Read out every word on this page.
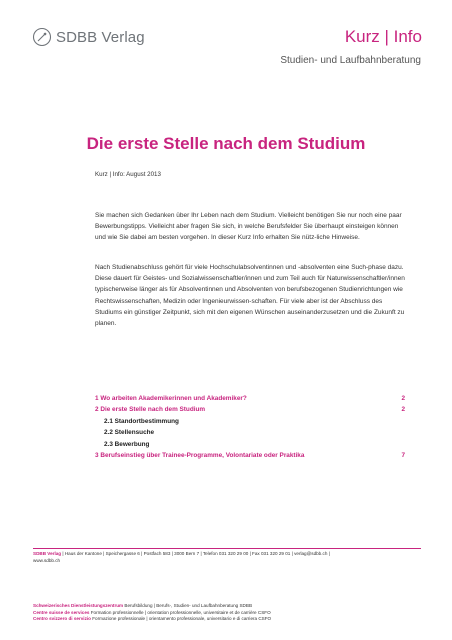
SDBB Verlag	Kurz | Info
Studien- und Laufbahnberatung
Die erste Stelle nach dem Studium
Kurz | Info: August 2013
Sie machen sich Gedanken über Ihr Leben nach dem Studium. Vielleicht benötigen Sie nur noch eine paar Bewerbungstipps. Vielleicht aber fragen Sie sich, in welche Berufsfelder Sie überhaupt einsteigen können und wie Sie dabei am besten vorgehen. In dieser Kurz Info erhalten Sie nütz-liche Hinweise.
Nach Studienabschluss gehört für viele Hochschulabsolventinnen und -absolventen eine Such-phase dazu. Diese dauert für Geistes- und Sozialwissenschaftler/innen und zum Teil auch für Naturwissenschaftler/innen typischerweise länger als für Absolventinnen und Absolventen von berufsbezogenen Studienrichtungen wie Rechtswissenschaften, Medizin oder Ingenieurwissen-schaften. Für viele aber ist der Abschluss des Studiums ein günstiger Zeitpunkt, sich mit den eigenen Wünschen auseinanderzusetzen und die Zukunft zu planen.
1 Wo arbeiten Akademikerinnen und Akademiker?	2
2 Die erste Stelle nach dem Studium	2
2.1 Standortbestimmung
2.2 Stellensuche
2.3 Bewerbung
3 Berufseinstieg über Trainee-Programme, Volontariate oder Praktika	7
SDBB Verlag | Haus der Kantone | Speichergasse 6 | Postfach 583 | 3000 Bern 7 | Telefon 031 320 29 00 | Fax 031 320 29 01 | verlag@sdbb.ch |
www.sdbb.ch
Schweizerisches Dienstleistungszentrum Berufsbildung | Berufs-, Studien- und Laufbahnberatung SDBB
Centre suisse de services Formation professionnelle | orientation professionnelle, universitaire et de carrière CSFO
Centro svizzero di servizio Formazione professionale | orientamento professionale, universitario e di carriera CSFO
